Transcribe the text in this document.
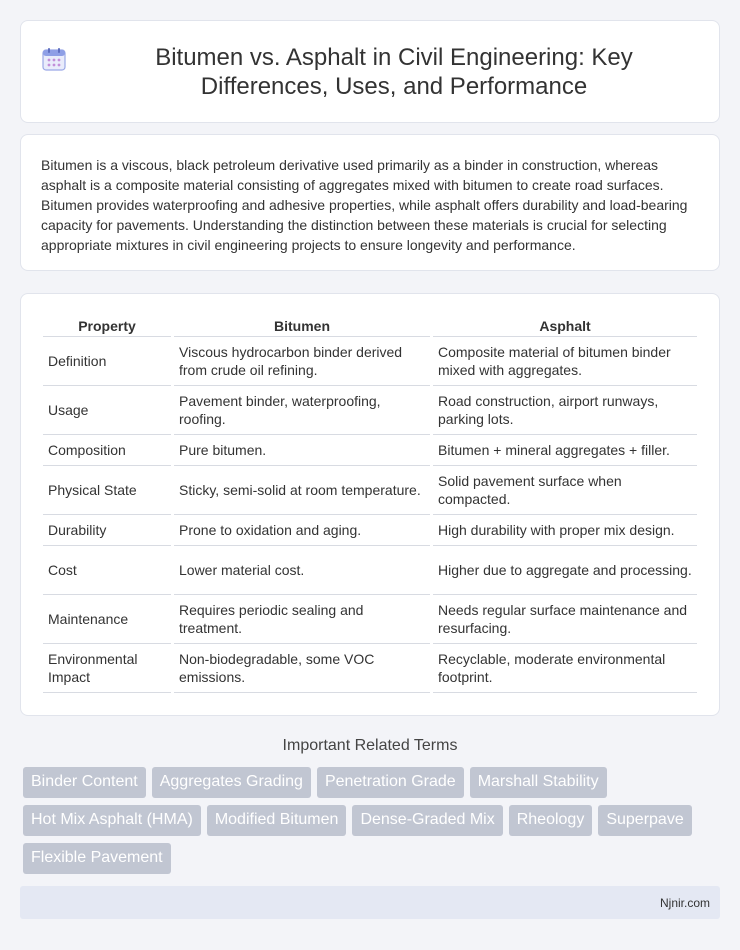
Bitumen vs. Asphalt in Civil Engineering: Key Differences, Uses, and Performance

Bitumen is a viscous, black petroleum derivative used primarily as a binder in construction, whereas asphalt is a composite material consisting of aggregates mixed with bitumen to create road surfaces. Bitumen provides waterproofing and adhesive properties, while asphalt offers durability and load-bearing capacity for pavements. Understanding the distinction between these materials is crucial for selecting appropriate mixtures in civil engineering projects to ensure longevity and performance.

Property	Bitumen	Asphalt
Definition	Viscous hydrocarbon binder derived from crude oil refining.	Composite material of bitumen binder mixed with aggregates.
Usage	Pavement binder, waterproofing, roofing.	Road construction, airport runways, parking lots.
Composition	Pure bitumen.	Bitumen + mineral aggregates + filler.
Physical State	Sticky, semi-solid at room temperature.	Solid pavement surface when compacted.
Durability	Prone to oxidation and aging.	High durability with proper mix design.
Cost	Lower material cost.	Higher due to aggregate and processing.
Maintenance	Requires periodic sealing and treatment.	Needs regular surface maintenance and resurfacing.
Environmental Impact	Non-biodegradable, some VOC emissions.	Recyclable, moderate environmental footprint.
Important Related Terms
Binder Content	Aggregates Grading	Penetration Grade	Marshall Stability
Hot Mix Asphalt (HMA)	Modified Bitumen	Dense-Graded Mix	Rheology	Superpave
Flexible Pavement
Njnir.com
